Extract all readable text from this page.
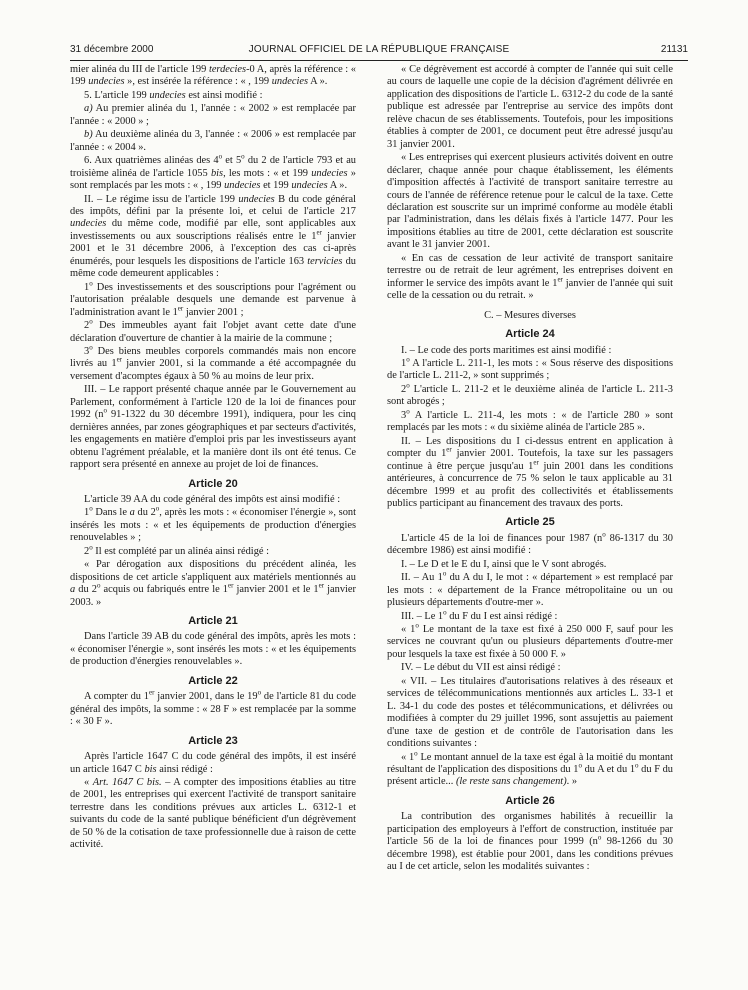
31 décembre 2000	JOURNAL OFFICIEL DE LA RÉPUBLIQUE FRANÇAISE	21131

mier alinéa du III de l'article 199 terdecies-0 A, après la référence : « 199 undecies », est insérée la référence : « , 199 undecies A ».

5. L'article 199 undecies est ainsi modifié :

a) Au premier alinéa du 1, l'année : « 2002 » est remplacée par l'année : « 2000 » ;

b) Au deuxième alinéa du 3, l'année : « 2006 » est remplacée par l'année : « 2004 ».

6. Aux quatrièmes alinéas des 4$^o$ et 5$^o$ du 2 de l'article 793 et au troisième alinéa de l'article 1055 bis, les mots : « et 199 undecies » sont remplacés par les mots : « , 199 undecies et 199 undecies A ».

II. – Le régime issu de l'article 199 undecies B du code général des impôts, défini par la présente loi, et celui de l'article 217 undecies du même code, modifié par elle, sont applicables aux investissements ou aux souscriptions réalisés entre le 1er janvier 2001 et le 31 décembre 2006, à l'exception des cas ci-après énumérés, pour lesquels les dispositions de l'article 163 tervicies du même code demeurent applicables :

1$^o$ Des investissements et des souscriptions pour l'agrément ou l'autorisation préalable desquels une demande est parvenue à l'administration avant le 1er janvier 2001 ;

2$^o$ Des immeubles ayant fait l'objet avant cette date d'une déclaration d'ouverture de chantier à la mairie de la commune ;

3$^o$ Des biens meubles corporels commandés mais non encore livrés au 1er janvier 2001, si la commande a été accompagnée du versement d'acomptes égaux à 50 % au moins de leur prix.

III. – Le rapport présenté chaque année par le Gouvernement au Parlement, conformément à l'article 120 de la loi de finances pour 1992 ($n^o$ 91-1322 du 30 décembre 1991), indiquera, pour les cinq dernières années, par zones géographiques et par secteurs d'activités, les engagements en matière d'emploi pris par les investisseurs ayant obtenu l'agrément préalable, et la manière dont ils ont été tenus. Ce rapport sera présenté en annexe au projet de loi de finances.

Article 20

L'article 39 AA du code général des impôts est ainsi modifié :

1$^o$ Dans le a du 2$^o$, après les mots : « économiser l'énergie », sont insérés les mots : « et les équipements de production d'énergies renouvelables » ;

2$^o$ Il est complété par un alinéa ainsi rédigé :

« Par dérogation aux dispositions du précédent alinéa, les dispositions de cet article s'appliquent aux matériels mentionnés au a du 2$^o$ acquis ou fabriqués entre le 1er janvier 2001 et le 1er janvier 2003. »

Article 21

Dans l'article 39 AB du code général des impôts, après les mots : « économiser l'énergie », sont insérés les mots : « et les équipements de production d'énergies renouvelables ».

Article 22

A compter du 1er janvier 2001, dans le 19$^o$ de l'article 81 du code général des impôts, la somme : « 28 F » est remplacée par la somme : « 30 F ».

Article 23

Après l'article 1647 C du code général des impôts, il est inséré un article 1647 C bis ainsi rédigé :

« Art. 1647 C bis. – A compter des impositions établies au titre de 2001, les entreprises qui exercent l'activité de transport sanitaire terrestre dans les conditions prévues aux articles L. 6312-1 et suivants du code de la santé publique bénéficient d'un dégrèvement de 50 % de la cotisation de taxe professionnelle due à raison de cette activité.

« Ce dégrèvement est accordé à compter de l'année qui suit celle au cours de laquelle une copie de la décision d'agrément délivrée en application des dispositions de l'article L. 6312-2 du code de la santé publique est adressée par l'entreprise au service des impôts dont relève chacun de ses établissements. Toutefois, pour les impositions établies à compter de 2001, ce document peut être adressé jusqu'au 31 janvier 2001.

« Les entreprises qui exercent plusieurs activités doivent en outre déclarer, chaque année pour chaque établissement, les éléments d'imposition affectés à l'activité de transport sanitaire terrestre au cours de l'année de référence retenue pour le calcul de la taxe. Cette déclaration est souscrite sur un imprimé conforme au modèle établi par l'administration, dans les délais fixés à l'article 1477. Pour les impositions établies au titre de 2001, cette déclaration est souscrite avant le 31 janvier 2001.

« En cas de cessation de leur activité de transport sanitaire terrestre ou de retrait de leur agrément, les entreprises doivent en informer le service des impôts avant le 1er janvier de l'année qui suit celle de la cessation ou du retrait. »

C. – Mesures diverses
Article 24

I. – Le code des ports maritimes est ainsi modifié :

1$^o$ A l'article L. 211-1, les mots : « Sous réserve des dispositions de l'article L. 211-2, » sont supprimés ;

2$^o$ L'article L. 211-2 et le deuxième alinéa de l'article L. 211-3 sont abrogés ;

3$^o$ A l'article L. 211-4, les mots : « de l'article 280 » sont remplacés par les mots : « du sixième alinéa de l'article 285 ».

II. – Les dispositions du I ci-dessus entrent en application à compter du 1er janvier 2001. Toutefois, la taxe sur les passagers continue à être perçue jusqu'au 1er juin 2001 dans les conditions antérieures, à concurrence de 75 % selon le taux applicable au 31 décembre 1999 et au profit des collectivités et établissements publics participant au financement des travaux des ports.

Article 25

L'article 45 de la loi de finances pour 1987 ($n^o$ 86-1317 du 30 décembre 1986) est ainsi modifié :

I. – Le D et le E du I, ainsi que le V sont abrogés.

II. – Au 1$^o$ du A du I, le mot : « département » est remplacé par les mots : « département de la France métropolitaine ou un ou plusieurs départements d'outre-mer ».

III. – Le 1$^o$ du F du I est ainsi rédigé :

« 1$^o$ Le montant de la taxe est fixé à 250 000 F, sauf pour les services ne couvrant qu'un ou plusieurs départements d'outre-mer pour lesquels la taxe est fixée à 50 000 F. »

IV. – Le début du VII est ainsi rédigé :

« VII. – Les titulaires d'autorisations relatives à des réseaux et services de télécommunications mentionnés aux articles L. 33-1 et L. 34-1 du code des postes et télécommunications, et délivrées ou modifiées à compter du 29 juillet 1996, sont assujettis au paiement d'une taxe de gestion et de contrôle de l'autorisation dans les conditions suivantes :

« 1$^o$ Le montant annuel de la taxe est égal à la moitié du montant résultant de l'application des dispositions du 1$^o$ du A et du 1$^o$ du F du présent article... (le reste sans changement). »

Article 26

La contribution des organismes habilités à recueillir la participation des employeurs à l'effort de construction, instituée par l'article 56 de la loi de finances pour 1999 ($n^o$ 98-1266 du 30 décembre 1998), est établie pour 2001, dans les conditions prévues au I de cet article, selon les modalités suivantes :
